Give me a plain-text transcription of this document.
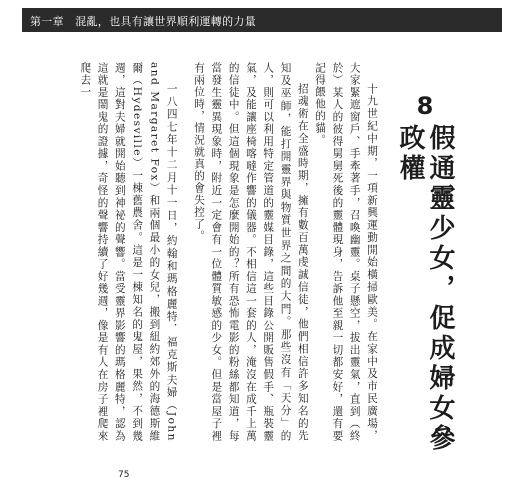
第一章　混亂，也具有讓世界順利運轉的力量
8
假通靈少女，促成婦女參政權

十九世紀中期，一項新興運動開始橫掃歐美。在家中及市民廣場，大家緊遮窗戶、手牽著手，召喚幽靈。桌子懸空，拔出靈氣，直到（終於）某人的彼得舅舅死後的靈體現身，告訴他至親一切都安好，還有要記得餵他的貓。

招魂術在全盛時期，擁有數百萬虔誠信徒，他們相信許多知名的先知及巫師，能打開靈界與物質世界之間的大門。那些沒有「天分」的人，則可以利用特定管道的靈媒目錄，這些目錄公開販售假手、瓶裝靈氣，及能讓座椅喀噠作響的儀器。不相信這一套的人，淹沒在成千上萬的信徒中。但這個現象是怎麼開始的？所有恐怖電影的粉絲都知道，每當發生靈異現象時，附近一定會有一位體質敏感的少女。但是當屋子裡有兩位時，情況就真的會失控了。

一八四七年十二月十一日，約翰和瑪格麗特．福克斯夫婦（John and Margaret Fox）和兩個最小的女兒，搬到紐約郊外的海德斯維爾（Hydesville）一棟舊農舍。這是一棟知名的鬼屋，果然，不到幾週，這對夫婦就開始聽到神祕的聲響。當受靈界影響的瑪格麗特，認為這就是鬧鬼的證據，奇怪的聲響持續了好幾週，像是有人在房子裡爬來爬去一

75
